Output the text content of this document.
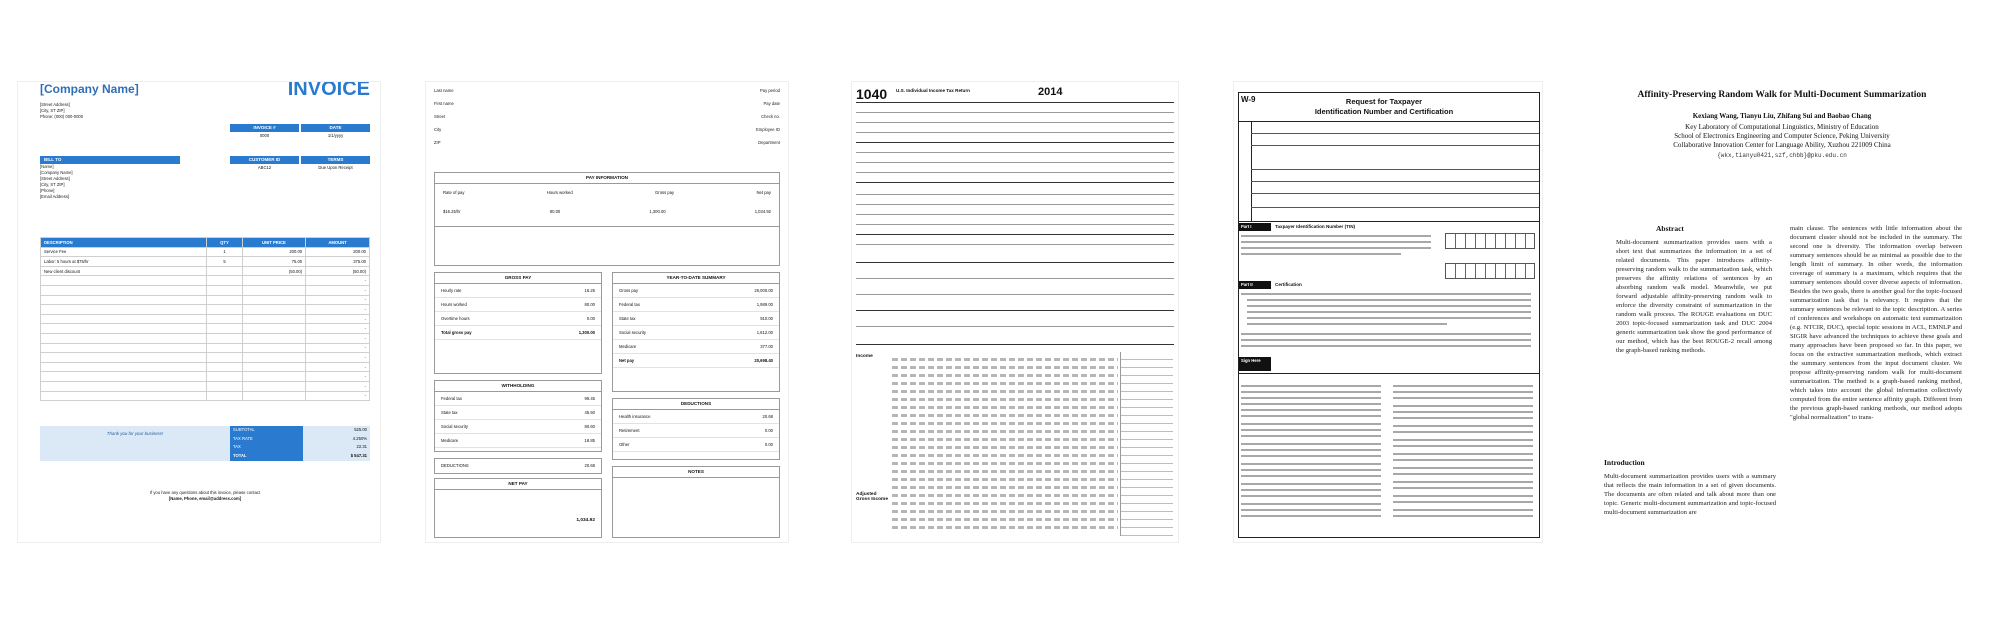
[Company Name]	INVOICE
[Street Address]
[City, ST ZIP]
Phone: (000) 000-0000
INVOICE #	DATE
0000	1/1/yyyy
BILL TO
[Name]
[Company Name]
[Street Address]
[City, ST ZIP]
[Phone]
[Email Address]
CUSTOMER ID	TERMS
ABC12	Due Upon Receipt
DESCRIPTION	QTY	UNIT PRICE	AMOUNT
Service Fee	1	200.00	200.00
Labor: 5 hours at $75/hr	5	75.00	375.00
New client discount		(50.00)	(50.00)
			-
			-
			-
			-
			-
			-
			-
			-
			-
			-
			-
			-
			-
Thank you for your business!
SUBTOTAL	525.00
TAX RATE	4.250%
TAX	22.31
TOTAL	$ 547.31
If you have any questions about this invoice, please contact
[Name, Phone, email@address.com]
Last name
First name
Street
City
ZIP
Pay period
Pay date
Check no.
Employee ID
Department
PAY INFORMATION
Rate of pay	Hours worked	Gross pay	Net pay
$16.25/hr	80.00	1,300.00	1,034.92
GROSS PAY
Hourly rate	16.25
Hours worked	80.00
Overtime hours	0.00
Total gross pay	1,300.00
WITHHOLDING
Federal tax	99.45
State tax	45.50
Social security	80.60
Medicare	18.85
DEDUCTIONS	20.68
NET PAY
1,034.92
YEAR-TO-DATE SUMMARY
Gross pay	26,000.00
Federal tax	1,989.00
State tax	910.00
Social security	1,612.00
Medicare	377.00
Net pay	20,698.40
DEDUCTIONS
Health insurance	20.68
Retirement	0.00
Other	0.00
NOTES
1040 U.S. Individual Income Tax Return	2014
Income
Adjusted Gross Income
W-9	Request for Taxpayer
Identification Number and Certification
Part I	Taxpayer Identification Number (TIN)
Part II	Certification
Sign Here
Affinity-Preserving Random Walk for Multi-Document Summarization
Kexiang Wang, Tianyu Liu, Zhifang Sui and Baobao Chang
Key Laboratory of Computational Linguistics, Ministry of Education
School of Electronics Engineering and Computer Science, Peking University
Collaborative Innovation Center for Language Ability, Xuzhou 221009 China
{wkx,tianyu0421,szf,chbb}@pku.edu.cn
Abstract
Multi-document summarization provides users with a short text that summarizes the information in a set of related documents. This paper introduces affinity-preserving random walk to the summarization task, which preserves the affinity relations of sentences by an absorbing random walk model. Meanwhile, we put forward adjustable affinity-preserving random walk to enforce the diversity constraint of summarization in the random walk process. The ROUGE evaluations on DUC 2003 topic-focused summarization task and DUC 2004 generic summarization task show the good performance of our method, which has the best ROUGE-2 recall among the graph-based ranking methods.
Introduction
Multi-document summarization provides users with a summary that reflects the main information in a set of given documents. The documents are often related and talk about more than one topic. Generic multi-document summarization and topic-focused multi-document summarization are
main clause. The sentences with little information about the document cluster should not be included in the summary. The second one is diversity. The information overlap between summary sentences should be as minimal as possible due to the length limit of summary. In other words, the information coverage of summary is a maximum, which requires that the summary sentences should cover diverse aspects of information. Besides the two goals, there is another goal for the topic-focused summarization task that is relevancy. It requires that the summary sentences be relevant to the topic description. A series of conferences and workshops on automatic text summarization (e.g. NTCIR, DUC), special topic sessions in ACL, EMNLP and SIGIR have advanced the techniques to achieve these goals and many approaches have been proposed so far. In this paper, we focus on the extractive summarization methods, which extract the summary sentences from the input document cluster. We propose affinity-preserving random walk for multi-document summarization. The method is a graph-based ranking method, which takes into account the global information collectively computed from the entire sentence affinity graph. Different from the previous graph-based ranking methods, our method adopts "global normalization" to trans-
